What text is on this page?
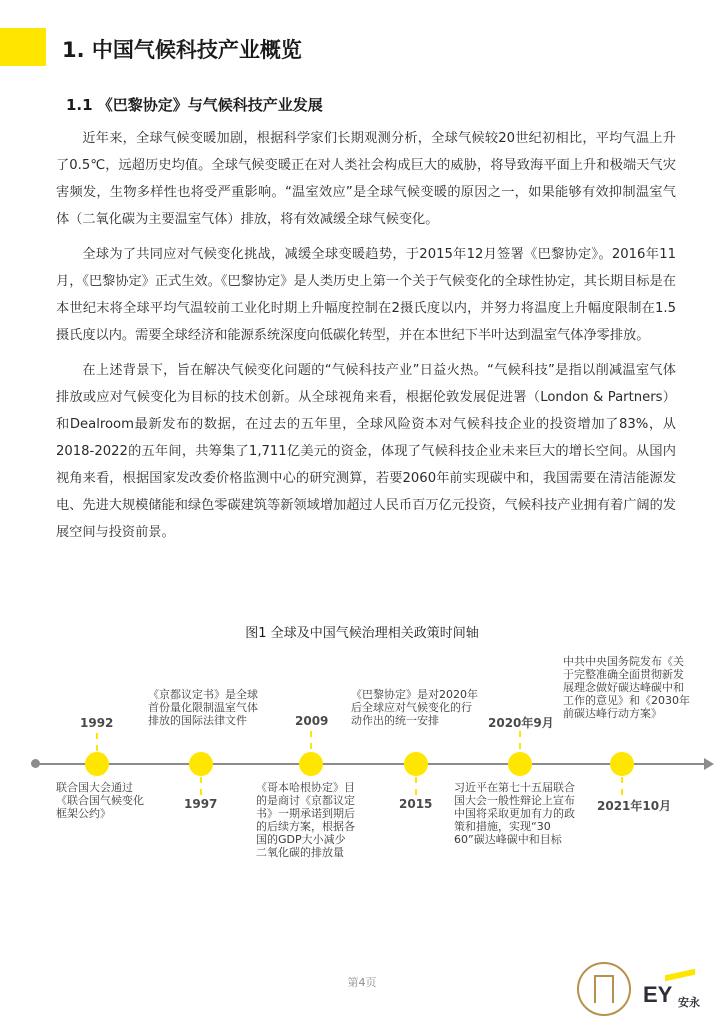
1. 中国气候科技产业概览
1.1 《巴黎协定》与气候科技产业发展

近年来，全球气候变暖加剧，根据科学家们长期观测分析，全球气候较20世纪初相比，平均气温上升了0.5℃，远超历史均值。全球气候变暖正在对人类社会构成巨大的威胁，将导致海平面上升和极端天气灾害频发，生物多样性也将受严重影响。“温室效应”是全球气候变暖的原因之一，如果能够有效抑制温室气体（二氧化碳为主要温室气体）排放，将有效减缓全球气候变化。

全球为了共同应对气候变化挑战，减缓全球变暖趋势，于2015年12月签署《巴黎协定》。2016年11月，《巴黎协定》正式生效。《巴黎协定》是人类历史上第一个关于气候变化的全球性协定，其长期目标是在本世纪末将全球平均气温较前工业化时期上升幅度控制在2摄氏度以内，并努力将温度上升幅度限制在1.5摄氏度以内。需要全球经济和能源系统深度向低碳化转型，并在本世纪下半叶达到温室气体净零排放。

在上述背景下，旨在解决气候变化问题的“气候科技产业”日益火热。“气候科技”是指以削减温室气体排放或应对气候变化为目标的技术创新。从全球视角来看，根据伦敦发展促进署（London & Partners）和Dealroom最新发布的数据，在过去的五年里，全球风险资本对气候科技企业的投资增加了83%，从2018-2022的五年间，共筹集了1,711亿美元的资金，体现了气候科技企业未来巨大的增长空间。从国内视角来看，根据国家发改委价格监测中心的研究测算，若要2060年前实现碳中和，我国需要在清洁能源发电、先进大规模储能和绿色零碳建筑等新领域增加超过人民币百万亿元投资，气候科技产业拥有着广阔的发展空间与投资前景。

图1 全球及中国气候治理相关政策时间轴
1992
联合国大会通过《联合国气候变化框架公约》
《京都议定书》是全球首份量化限制温室气体排放的国际法律文件
1997
2009
《哥本哈根协定》目的是商讨《京都议定书》一期承诺到期后的后续方案，根据各国的GDP大小减少二氧化碳的排放量
《巴黎协定》是对2020年后全球应对气候变化的行动作出的统一安排
2015
2020年9月
习近平在第七十五届联合国大会一般性辩论上宣布中国将采取更加有力的政策和措施，实现“30 60”碳达峰碳中和目标
中共中央国务院发布《关于完整准确全面贯彻新发展理念做好碳达峰碳中和工作的意见》和《2030年前碳达峰行动方案》
2021年10月
第4页	EY 安永
